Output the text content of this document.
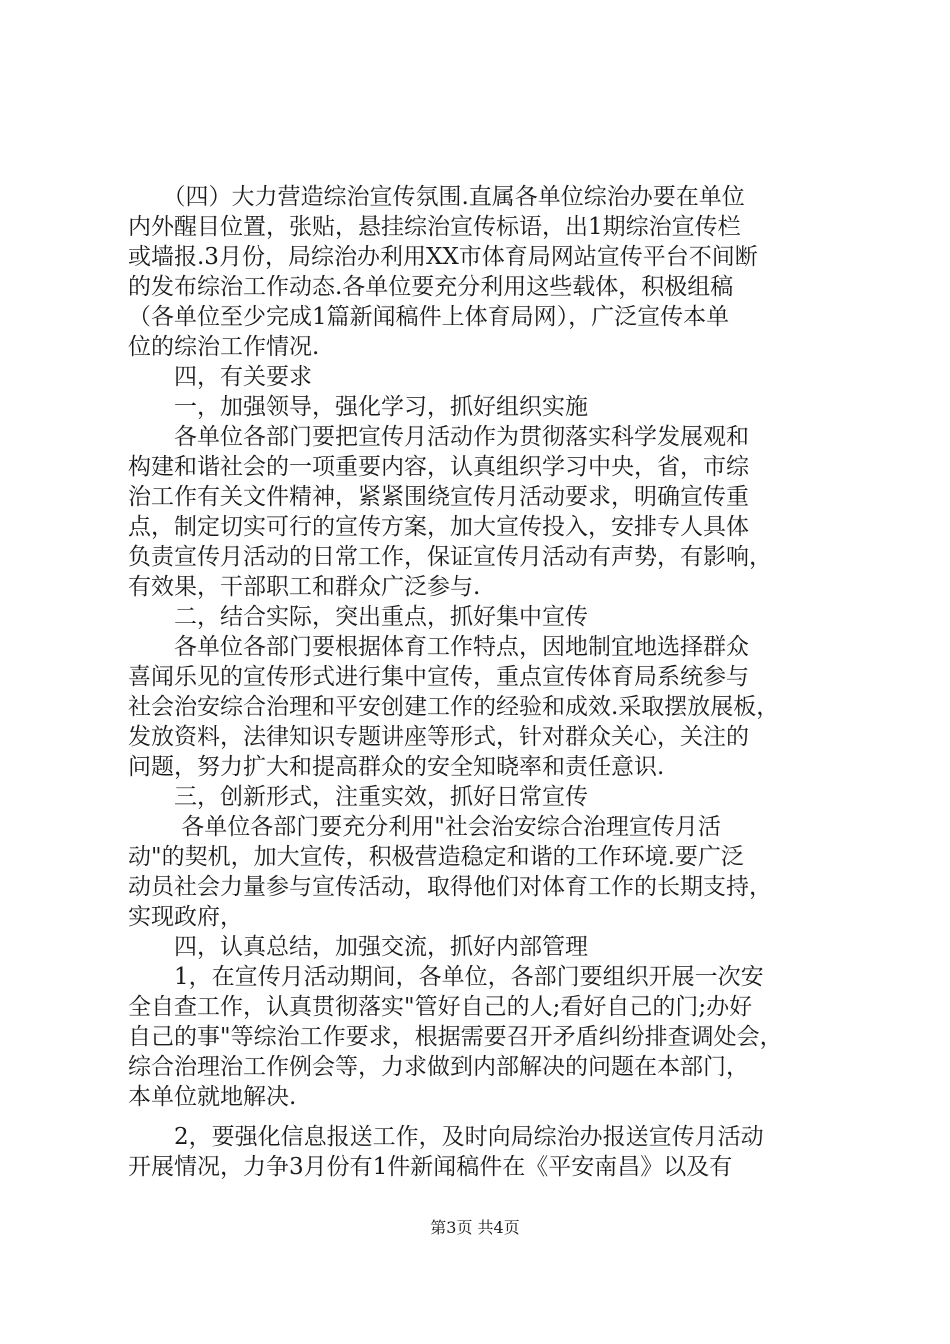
　　（四）大力营造综治宣传氛围.直属各单位综治办要在单位
内外醒目位置，张贴，悬挂综治宣传标语，出1期综治宣传栏
或墙报.3月份，局综治办利用XX市体育局网站宣传平台不间断
的发布综治工作动态.各单位要充分利用这些载体，积极组稿
（各单位至少完成1篇新闻稿件上体育局网），广泛宣传本单
位的综治工作情况.
　　四，有关要求
　　一，加强领导，强化学习，抓好组织实施
　　各单位各部门要把宣传月活动作为贯彻落实科学发展观和
构建和谐社会的一项重要内容，认真组织学习中央，省，市综
治工作有关文件精神，紧紧围绕宣传月活动要求，明确宣传重
点，制定切实可行的宣传方案，加大宣传投入，安排专人具体
负责宣传月活动的日常工作，保证宣传月活动有声势，有影响，
有效果，干部职工和群众广泛参与.
　　二，结合实际，突出重点，抓好集中宣传
　　各单位各部门要根据体育工作特点，因地制宜地选择群众
喜闻乐见的宣传形式进行集中宣传，重点宣传体育局系统参与
社会治安综合治理和平安创建工作的经验和成效.采取摆放展板，
发放资料，法律知识专题讲座等形式，针对群众关心，关注的
问题，努力扩大和提高群众的安全知晓率和责任意识.
　　三，创新形式，注重实效，抓好日常宣传
　　 各单位各部门要充分利用"社会治安综合治理宣传月活
动"的契机，加大宣传，积极营造稳定和谐的工作环境.要广泛
动员社会力量参与宣传活动，取得他们对体育工作的长期支持，
实现政府，
　　四，认真总结，加强交流，抓好内部管理
　　1，在宣传月活动期间，各单位，各部门要组织开展一次安
全自查工作，认真贯彻落实"管好自己的人;看好自己的门;办好
自己的事"等综治工作要求，根据需要召开矛盾纠纷排查调处会，
综合治理治工作例会等，力求做到内部解决的问题在本部门，
本单位就地解决.
　　2，要强化信息报送工作，及时向局综治办报送宣传月活动
开展情况，力争3月份有1件新闻稿件在《平安南昌》以及有
第3页 共4页
